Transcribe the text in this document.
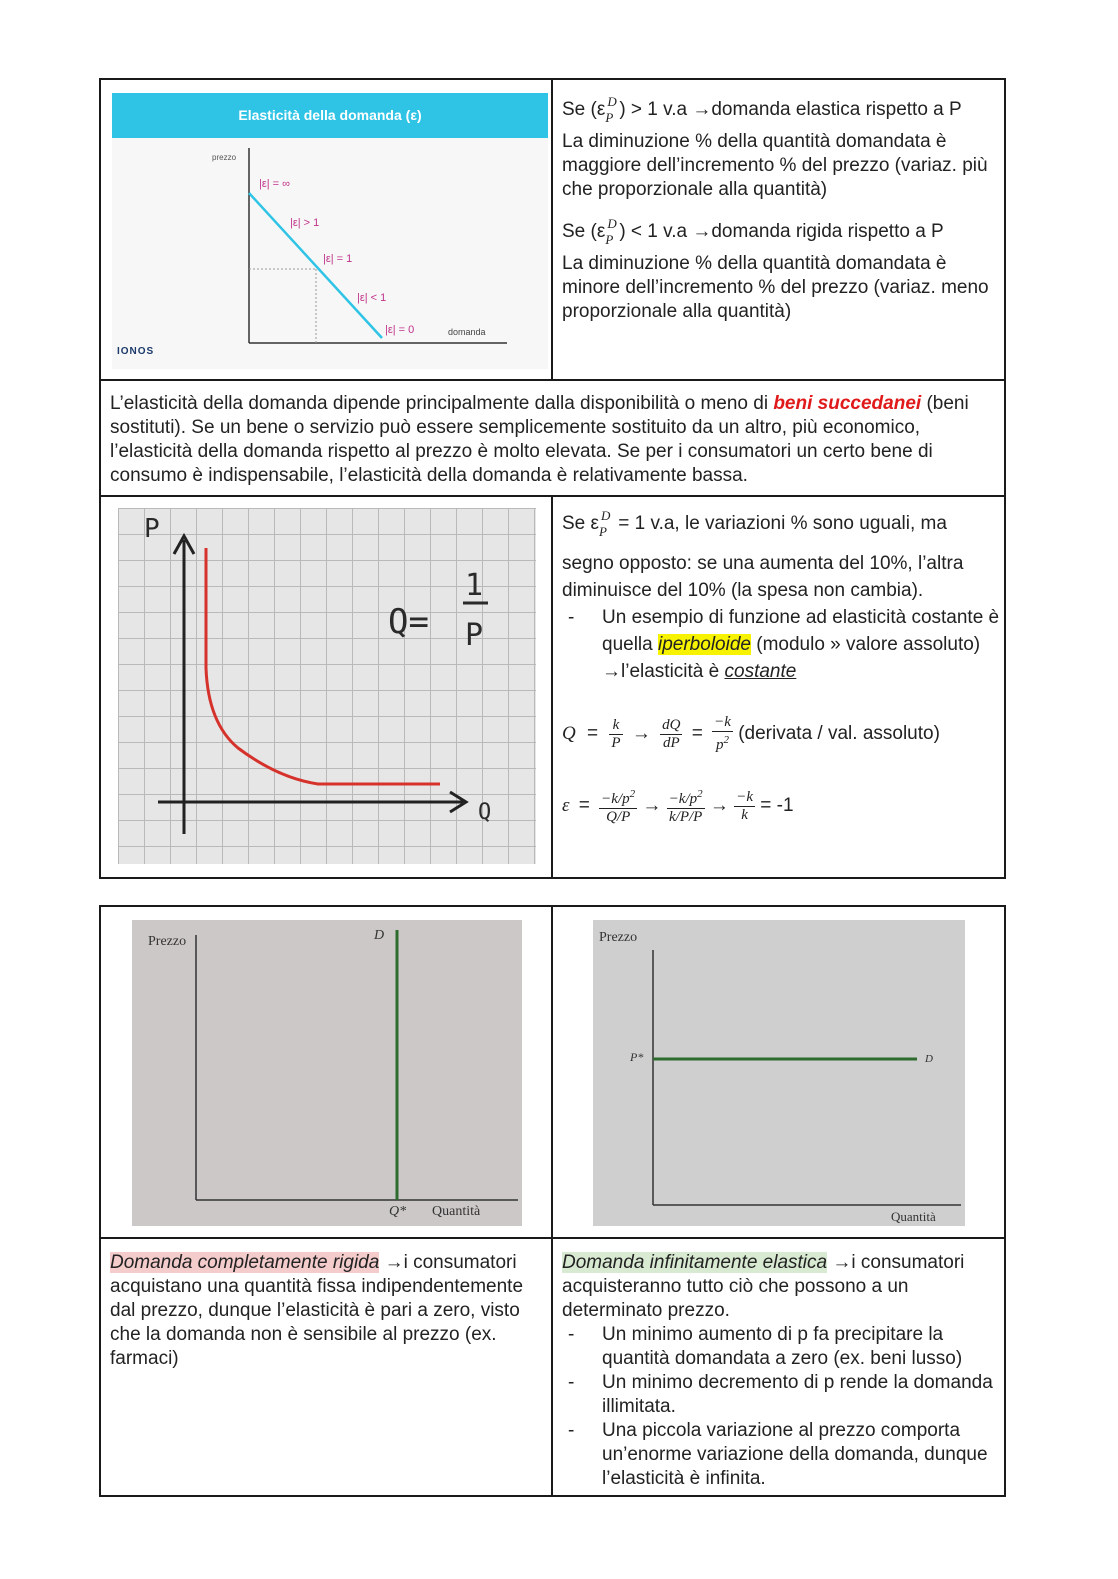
Elasticità della domanda (ε)
prezzo
domanda
|ε| = ∞
|ε| > 1
|ε| = 1
|ε| < 1
|ε| = 0
IONOS

Se (ε D
P ) > 1 v.a →domanda elastica rispetto a P

La diminuzione % della quantità domandata è maggiore dell’incremento % del prezzo (variaz. più che proporzionale alla quantità)

Se (ε D
P ) < 1 v.a →domanda rigida rispetto a P

La diminuzione % della quantità domandata è minore dell’incremento % del prezzo (variaz. meno proporzionale alla quantità)

L’elasticità della domanda dipende principalmente dalla disponibilità o meno di beni succedanei (beni sostituti). Se un bene o servizio può essere semplicemente sostituito da un altro, più economico, l’elasticità della domanda rispetto al prezzo è molto elevata. Se per i consumatori un certo bene di consumo è indispensabile, l’elasticità della domanda è relativamente bassa.
P
Q
Q=
1
P

Se ε D
P = 1 v.a, le variazioni % sono uguali, ma

segno opposto: se una aumenta del 10%, l’altra diminuisce del 10% (la spesa non cambia).

- Un esempio di funzione ad elasticità costante è quella iperboloide (modulo » valore assoluto) →l’elasticità è costante
$Q = \frac{k}{P} \to \frac{dQ}{dP} = \frac{-k}{p^2}$ (derivata / val. assoluto)
$\varepsilon = \frac{-k/p^2}{Q/P} \to \frac{-k/p^2}{k/P/P} \to \frac{-k}{k} = -1$
Prezzo	D
Q* Quantità
Prezzo
P*	D
Quantità
Domanda completamente rigida →i consumatori acquistano una quantità fissa indipendentemente dal prezzo, dunque l’elasticità è pari a zero, visto che la domanda non è sensibile al prezzo (ex. farmaci)

Domanda infinitamente elastica →i consumatori acquisteranno tutto ciò che possono a un determinato prezzo.

- Un minimo aumento di p fa precipitare la quantità domandata a zero (ex. beni lusso)
- Un minimo decremento di p rende la domanda illimitata.
- Una piccola variazione al prezzo comporta un’enorme variazione della domanda, dunque l’elasticità è infinita.
